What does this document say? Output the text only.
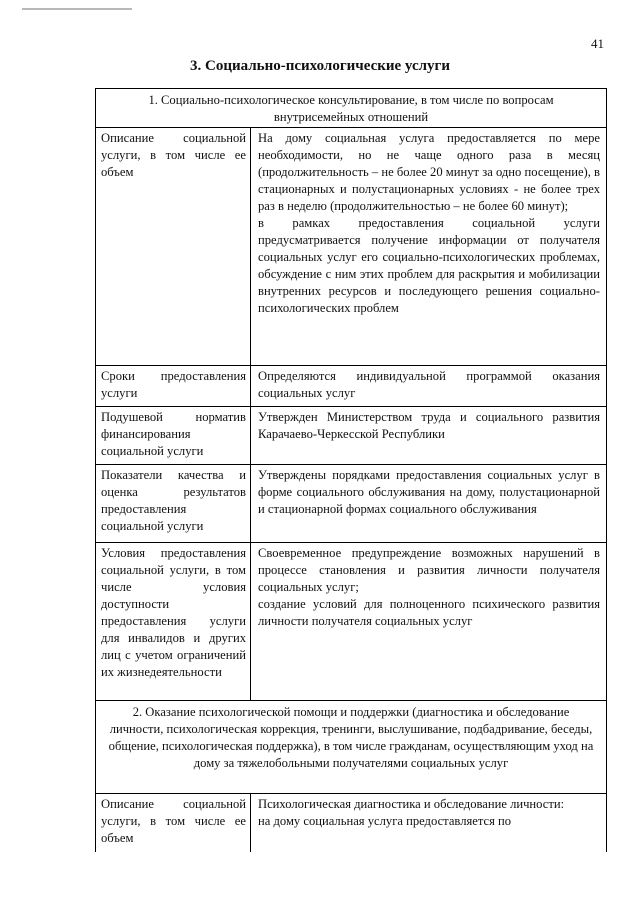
41
3. Социально-психологические услуги
1. Социально-психологическое консультирование, в том числе по вопросам внутрисемейных отношений
Описание социальной услуги, в том числе ее объем
На дому социальная услуга предоставляется по мере необходимости, но не чаще одного раза в месяц (продолжительность – не более 20 минут за одно посещение), в стационарных и полустационарных условиях - не более трех раз в неделю (продолжительностью – не более 60 минут);
в рамках предоставления социальной услуги предусматривается получение информации от получателя социальных услуг его социально-психологических проблемах, обсуждение с ним этих проблем для раскрытия и мобилизации внутренних ресурсов и последующего решения социально-психологических проблем
Сроки предоставления услуги
Определяются индивидуальной программой оказания социальных услуг
Подушевой норматив финансирования социальной услуги
Утвержден Министерством труда и социального развития Карачаево-Черкесской Республики
Показатели качества и оценка результатов предоставления социальной услуги
Утверждены порядками предоставления социальных услуг в форме социального обслуживания на дому, полустационарной и стационарной формах социального обслуживания
Условия предоставления социальной услуги, в том числе условия доступности предоставления услуги для инвалидов и других лиц с учетом ограничений их жизнедеятельности
Своевременное предупреждение возможных нарушений в процессе становления и развития личности получателя социальных услуг;
создание условий для полноценного психического развития личности получателя социальных услуг
2. Оказание психологической помощи и поддержки (диагностика и обследование личности, психологическая коррекция, тренинги, выслушивание, подбадривание, беседы, общение, психологическая поддержка), в том числе гражданам, осуществляющим уход на дому за тяжелобольными получателями социальных услуг
Описание социальной услуги, в том числе ее объем
Психологическая диагностика и обследование личности:
на дому социальная услуга предоставляется по
